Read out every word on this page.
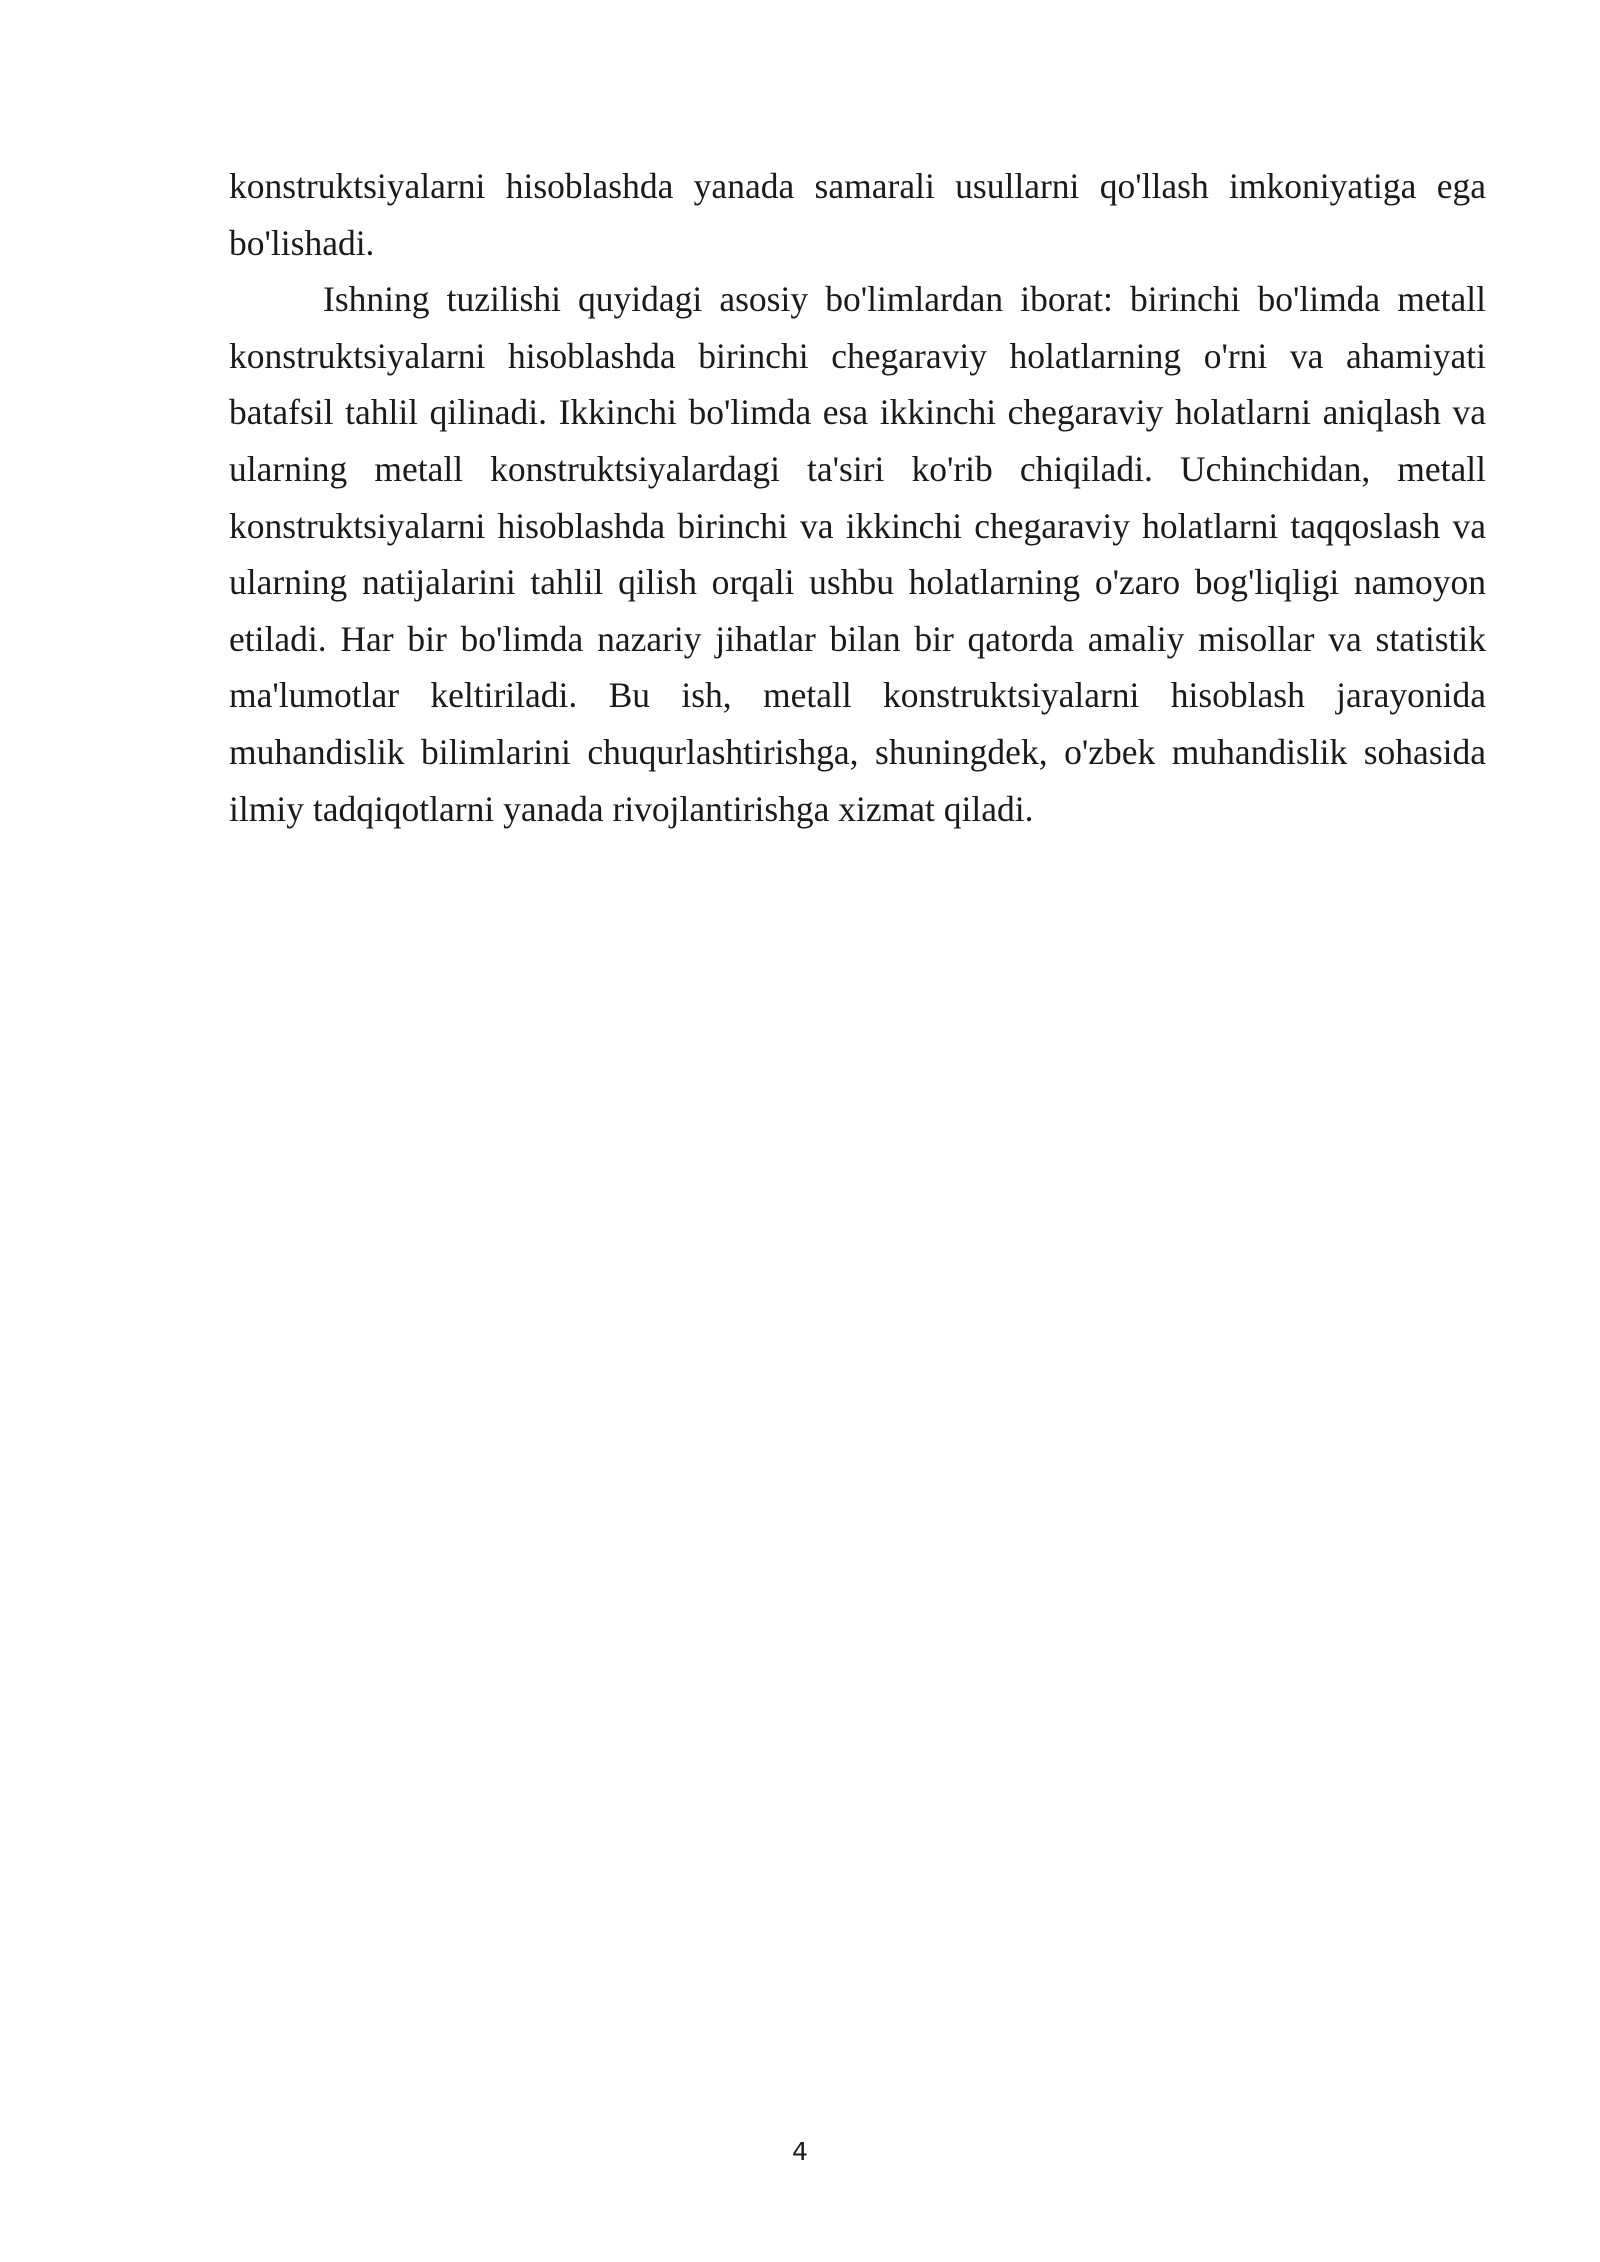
konstruktsiyalarni hisoblashda yanada samarali usullarni qo'llash imkoniyatiga ega bo'lishadi.

Ishning tuzilishi quyidagi asosiy bo'limlardan iborat: birinchi bo'limda metall konstruktsiyalarni hisoblashda birinchi chegaraviy holatlarning o'rni va ahamiyati batafsil tahlil qilinadi. Ikkinchi bo'limda esa ikkinchi chegaraviy holatlarni aniqlash va ularning metall konstruktsiyalardagi ta'siri ko'rib chiqiladi. Uchinchidan, metall konstruktsiyalarni hisoblashda birinchi va ikkinchi chegaraviy holatlarni taqqoslash va ularning natijalarini tahlil qilish orqali ushbu holatlarning o'zaro bog'liqligi namoyon etiladi. Har bir bo'limda nazariy jihatlar bilan bir qatorda amaliy misollar va statistik ma'lumotlar keltiriladi. Bu ish, metall konstruktsiyalarni hisoblash jarayonida muhandislik bilimlarini chuqurlashtirishga, shuningdek, o'zbek muhandislik sohasida ilmiy tadqiqotlarni yanada rivojlantirishga xizmat qiladi.

4
